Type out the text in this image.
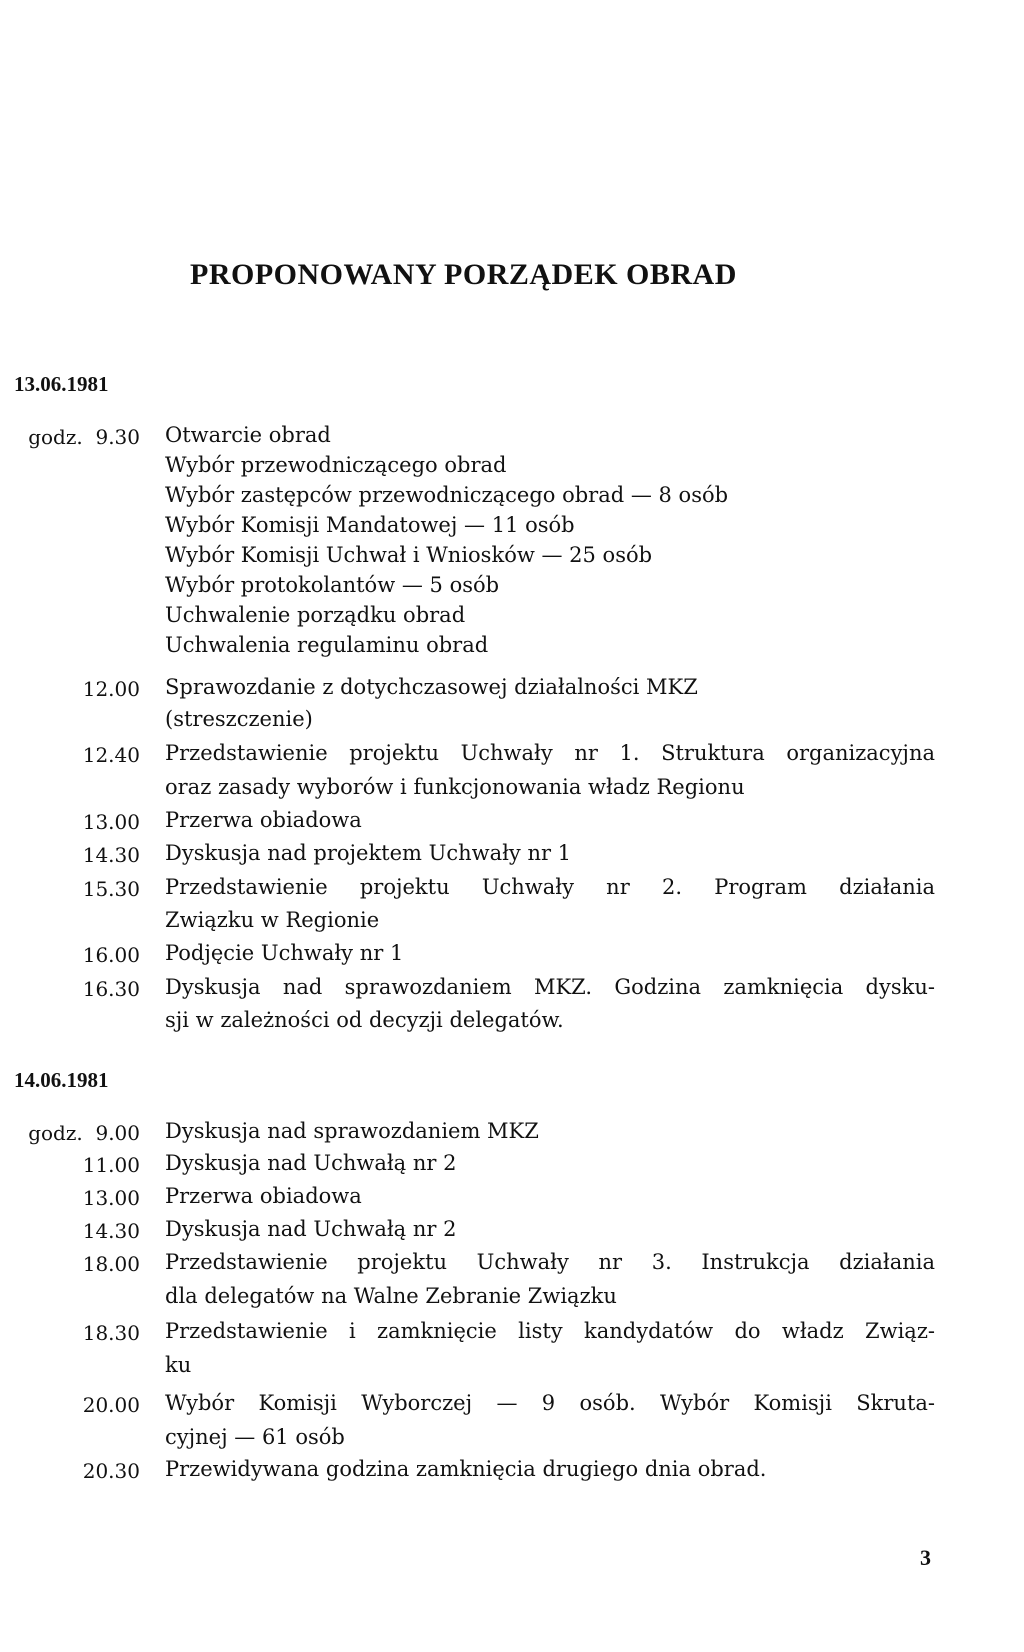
PROPONOWANY PORZĄDEK OBRAD
13.06.1981
godz. 9.30 Otwarcie obrad
Wybór przewodniczącego obrad
Wybór zastępców przewodniczącego obrad — 8 osób
Wybór Komisji Mandatowej — 11 osób
Wybór Komisji Uchwał i Wniosków — 25 osób
Wybór protokolantów — 5 osób
Uchwalenie porządku obrad
Uchwalenia regulaminu obrad
12.00 Sprawozdanie z dotychczasowej działalności MKZ
(streszczenie)
12.40 Przedstawienie projektu Uchwały nr 1. Struktura organizacyjna
oraz zasady wyborów i funkcjonowania władz Regionu
13.00 Przerwa obiadowa
14.30 Dyskusja nad projektem Uchwały nr 1
15.30 Przedstawienie projektu Uchwały nr 2. Program działania
Związku w Regionie
16.00 Podjęcie Uchwały nr 1
16.30 Dyskusja nad sprawozdaniem MKZ. Godzina zamknięcia dysku-
sji w zależności od decyzji delegatów.
14.06.1981
godz. 9.00 Dyskusja nad sprawozdaniem MKZ
11.00 Dyskusja nad Uchwałą nr 2
13.00 Przerwa obiadowa
14.30 Dyskusja nad Uchwałą nr 2
18.00 Przedstawienie projektu Uchwały nr 3. Instrukcja działania
dla delegatów na Walne Zebranie Związku
18.30 Przedstawienie i zamknięcie listy kandydatów do władz Związ-
ku
20.00 Wybór Komisji Wyborczej — 9 osób. Wybór Komisji Skruta-
cyjnej — 61 osób
20.30 Przewidywana godzina zamknięcia drugiego dnia obrad.
3
